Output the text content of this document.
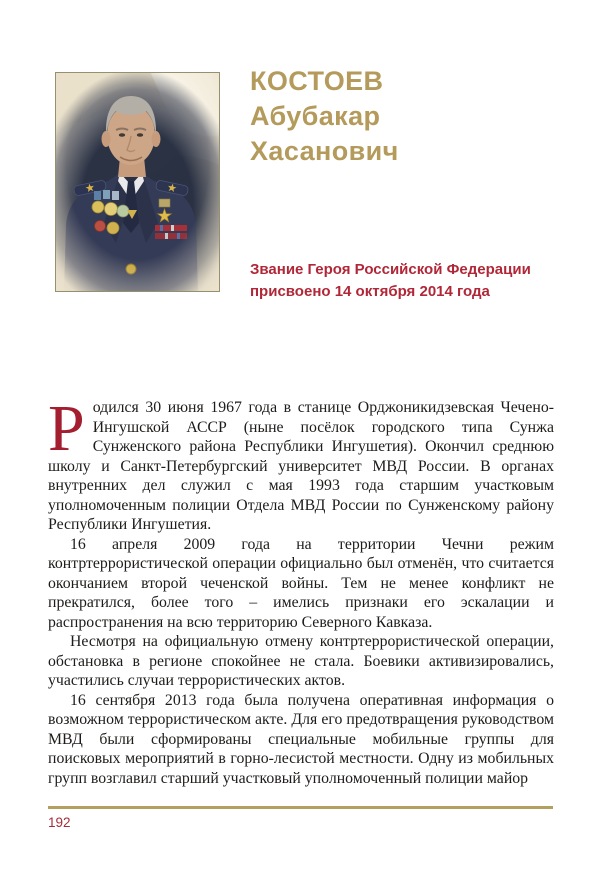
КОСТОЕВ
Абубакар
Хасанович
Звание Героя Российской Федерации
присвоено 14 октября 2014 года

Родился 30 июня 1967 года в станице Орджоникидзевская Чечено-Ингушской АССР (ныне посёлок городского типа Сунжа Сунженского района Республики Ингушетия). Окончил среднюю школу и Санкт-Петербургский университет МВД России. В органах внутренних дел служил с мая 1993 года старшим участковым уполномоченным полиции Отдела МВД России по Сунженскому району Республики Ингушетия.

16 апреля 2009 года на территории Чечни режим контртеррористической операции официально был отменён, что считается окончанием второй чеченской войны. Тем не менее конфликт не прекратился, более того – имелись признаки его эскалации и распространения на всю территорию Северного Кавказа.

Несмотря на официальную отмену контртеррористической операции, обстановка в регионе спокойнее не стала. Боевики активизировались, участились случаи террористических актов.

16 сентября 2013 года была получена оперативная информация о возможном террористическом акте. Для его предотвращения руководством МВД были сформированы специальные мобильные группы для поисковых мероприятий в горно-лесистой местности. Одну из мобильных групп возглавил старший участковый уполномоченный полиции майор

192
